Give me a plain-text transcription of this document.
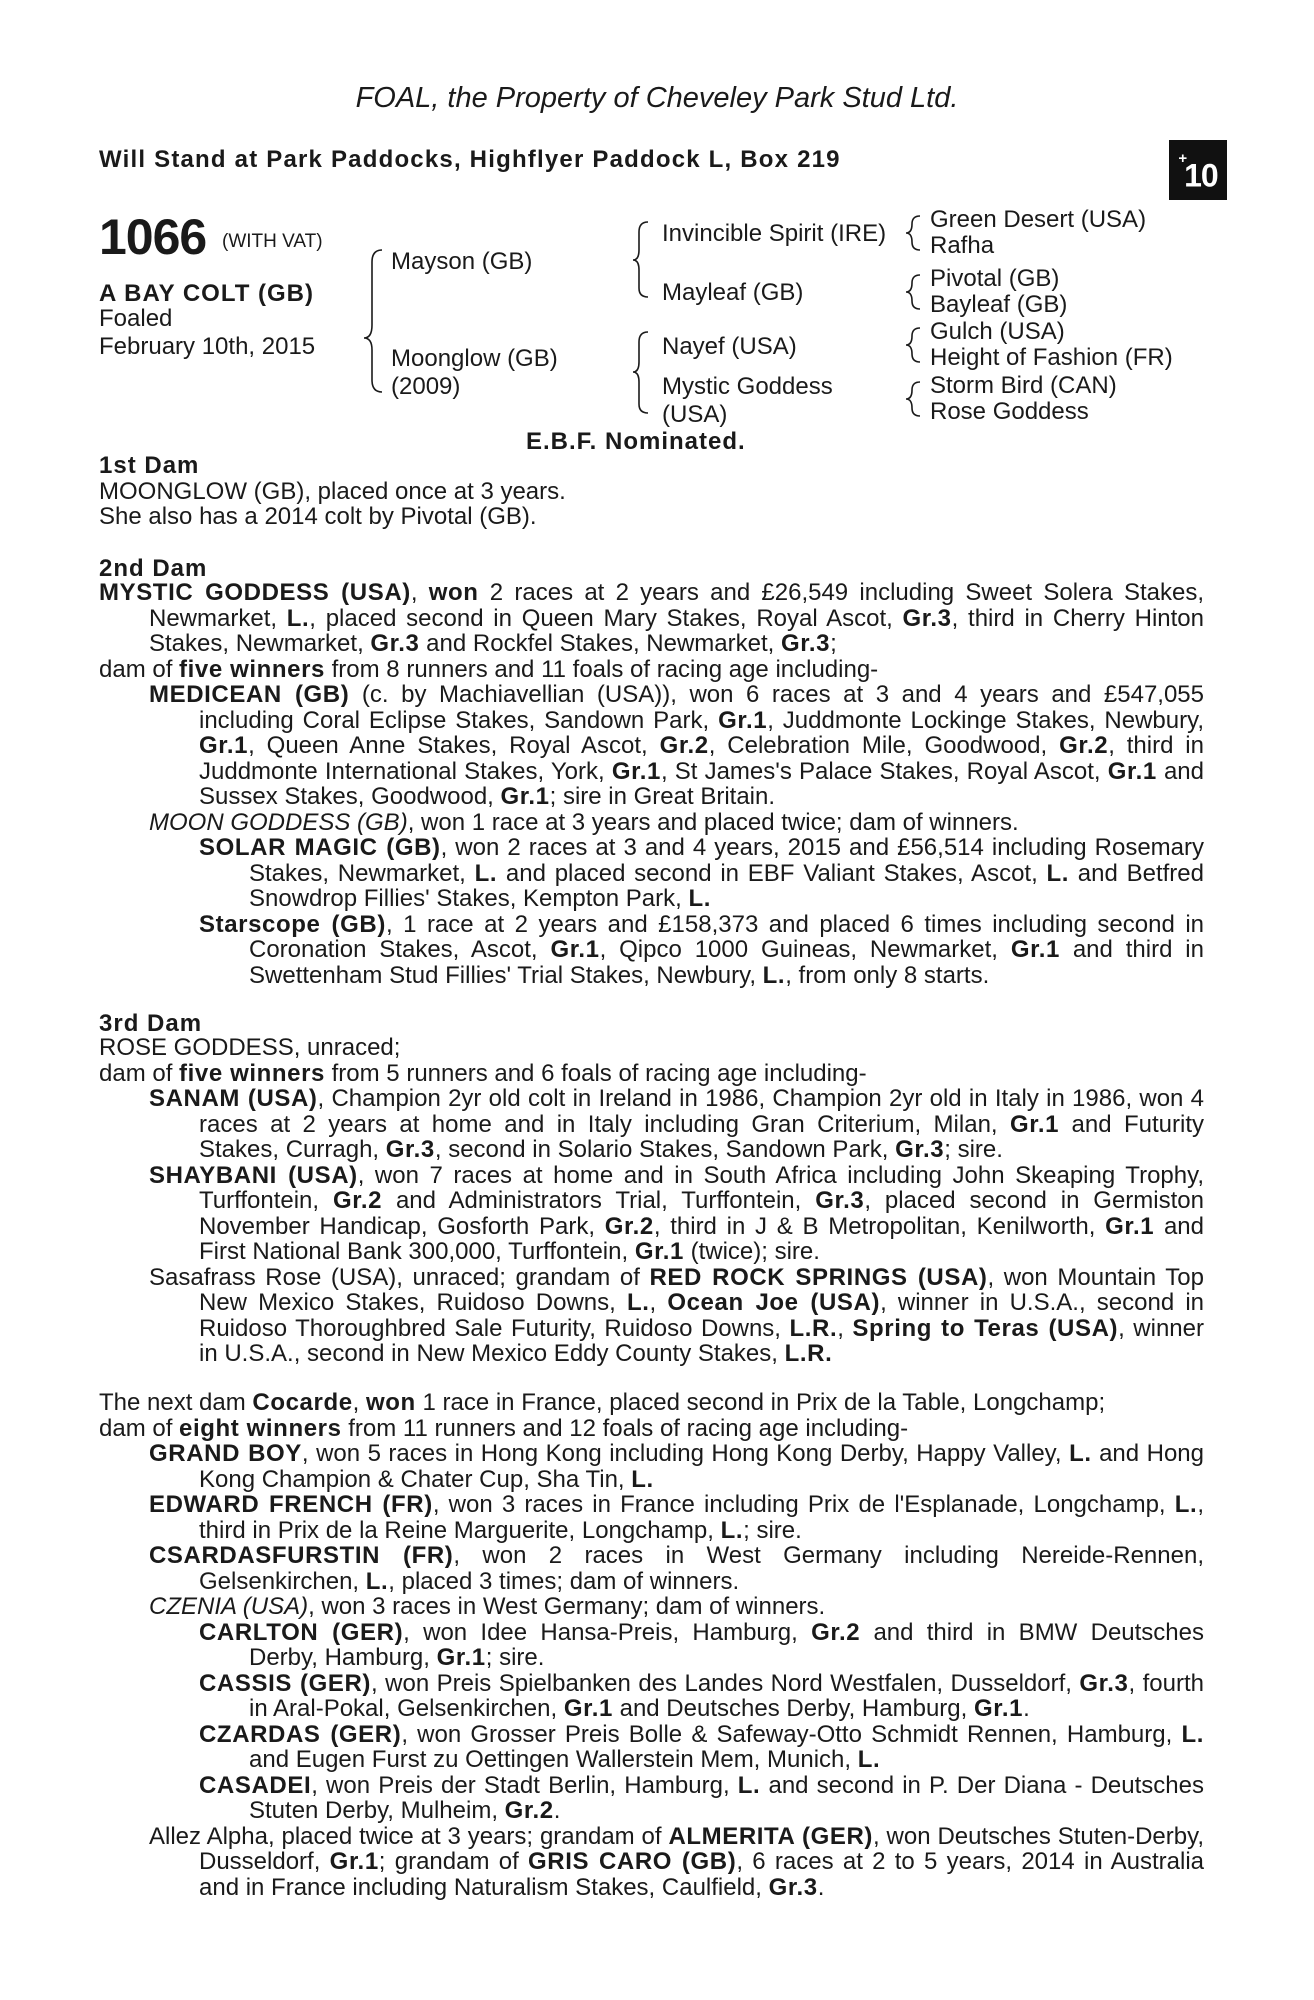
FOAL, the Property of Cheveley Park Stud Ltd.
Will Stand at Park Paddocks, Highflyer Paddock L, Box 219	+10
1066 (WITH VAT)
A BAY COLT (GB)
Foaled
February 10th, 2015
Mayson (GB)
Moonglow (GB)
(2009)
Invincible Spirit (IRE)
Mayleaf (GB)
Nayef (USA)
Mystic Goddess
(USA)
Green Desert (USA)
Rafha
Pivotal (GB)
Bayleaf (GB)
Gulch (USA)
Height of Fashion (FR)
Storm Bird (CAN)
Rose Goddess
E.B.F. Nominated.
1st Dam
MOONGLOW (GB), placed once at 3 years.
She also has a 2014 colt by Pivotal (GB).
2nd Dam
MYSTIC GODDESS (USA), won 2 races at 2 years and £26,549 including Sweet Solera Stakes, Newmarket, L., placed second in Queen Mary Stakes, Royal Ascot, Gr.3, third in Cherry Hinton Stakes, Newmarket, Gr.3 and Rockfel Stakes, Newmarket, Gr.3;
dam of five winners from 8 runners and 11 foals of racing age including-
MEDICEAN (GB) (c. by Machiavellian (USA)), won 6 races at 3 and 4 years and £547,055 including Coral Eclipse Stakes, Sandown Park, Gr.1, Juddmonte Lockinge Stakes, Newbury, Gr.1, Queen Anne Stakes, Royal Ascot, Gr.2, Celebration Mile, Goodwood, Gr.2, third in Juddmonte International Stakes, York, Gr.1, St James's Palace Stakes, Royal Ascot, Gr.1 and Sussex Stakes, Goodwood, Gr.1; sire in Great Britain.
MOON GODDESS (GB), won 1 race at 3 years and placed twice; dam of winners.
SOLAR MAGIC (GB), won 2 races at 3 and 4 years, 2015 and £56,514 including Rosemary Stakes, Newmarket, L. and placed second in EBF Valiant Stakes, Ascot, L. and Betfred Snowdrop Fillies' Stakes, Kempton Park, L.
Starscope (GB), 1 race at 2 years and £158,373 and placed 6 times including second in Coronation Stakes, Ascot, Gr.1, Qipco 1000 Guineas, Newmarket, Gr.1 and third in Swettenham Stud Fillies' Trial Stakes, Newbury, L., from only 8 starts.
3rd Dam
ROSE GODDESS, unraced;
dam of five winners from 5 runners and 6 foals of racing age including-
SANAM (USA), Champion 2yr old colt in Ireland in 1986, Champion 2yr old in Italy in 1986, won 4 races at 2 years at home and in Italy including Gran Criterium, Milan, Gr.1 and Futurity Stakes, Curragh, Gr.3, second in Solario Stakes, Sandown Park, Gr.3; sire.
SHAYBANI (USA), won 7 races at home and in South Africa including John Skeaping Trophy, Turffontein, Gr.2 and Administrators Trial, Turffontein, Gr.3, placed second in Germiston November Handicap, Gosforth Park, Gr.2, third in J & B Metropolitan, Kenilworth, Gr.1 and First National Bank 300,000, Turffontein, Gr.1 (twice); sire.
Sasafrass Rose (USA), unraced; grandam of RED ROCK SPRINGS (USA), won Mountain Top New Mexico Stakes, Ruidoso Downs, L., Ocean Joe (USA), winner in U.S.A., second in Ruidoso Thoroughbred Sale Futurity, Ruidoso Downs, L.R., Spring to Teras (USA), winner in U.S.A., second in New Mexico Eddy County Stakes, L.R.
The next dam Cocarde, won 1 race in France, placed second in Prix de la Table, Longchamp;
dam of eight winners from 11 runners and 12 foals of racing age including-
GRAND BOY, won 5 races in Hong Kong including Hong Kong Derby, Happy Valley, L. and Hong Kong Champion & Chater Cup, Sha Tin, L.
EDWARD FRENCH (FR), won 3 races in France including Prix de l'Esplanade, Longchamp, L., third in Prix de la Reine Marguerite, Longchamp, L.; sire.
CSARDASFURSTIN (FR), won 2 races in West Germany including Nereide-Rennen, Gelsenkirchen, L., placed 3 times; dam of winners.
CZENIA (USA), won 3 races in West Germany; dam of winners.
CARLTON (GER), won Idee Hansa-Preis, Hamburg, Gr.2 and third in BMW Deutsches Derby, Hamburg, Gr.1; sire.
CASSIS (GER), won Preis Spielbanken des Landes Nord Westfalen, Dusseldorf, Gr.3, fourth in Aral-Pokal, Gelsenkirchen, Gr.1 and Deutsches Derby, Hamburg, Gr.1.
CZARDAS (GER), won Grosser Preis Bolle & Safeway-Otto Schmidt Rennen, Hamburg, L. and Eugen Furst zu Oettingen Wallerstein Mem, Munich, L.
CASADEI, won Preis der Stadt Berlin, Hamburg, L. and second in P. Der Diana - Deutsches Stuten Derby, Mulheim, Gr.2.
Allez Alpha, placed twice at 3 years; grandam of ALMERITA (GER), won Deutsches Stuten-Derby, Dusseldorf, Gr.1; grandam of GRIS CARO (GB), 6 races at 2 to 5 years, 2014 in Australia and in France including Naturalism Stakes, Caulfield, Gr.3.
